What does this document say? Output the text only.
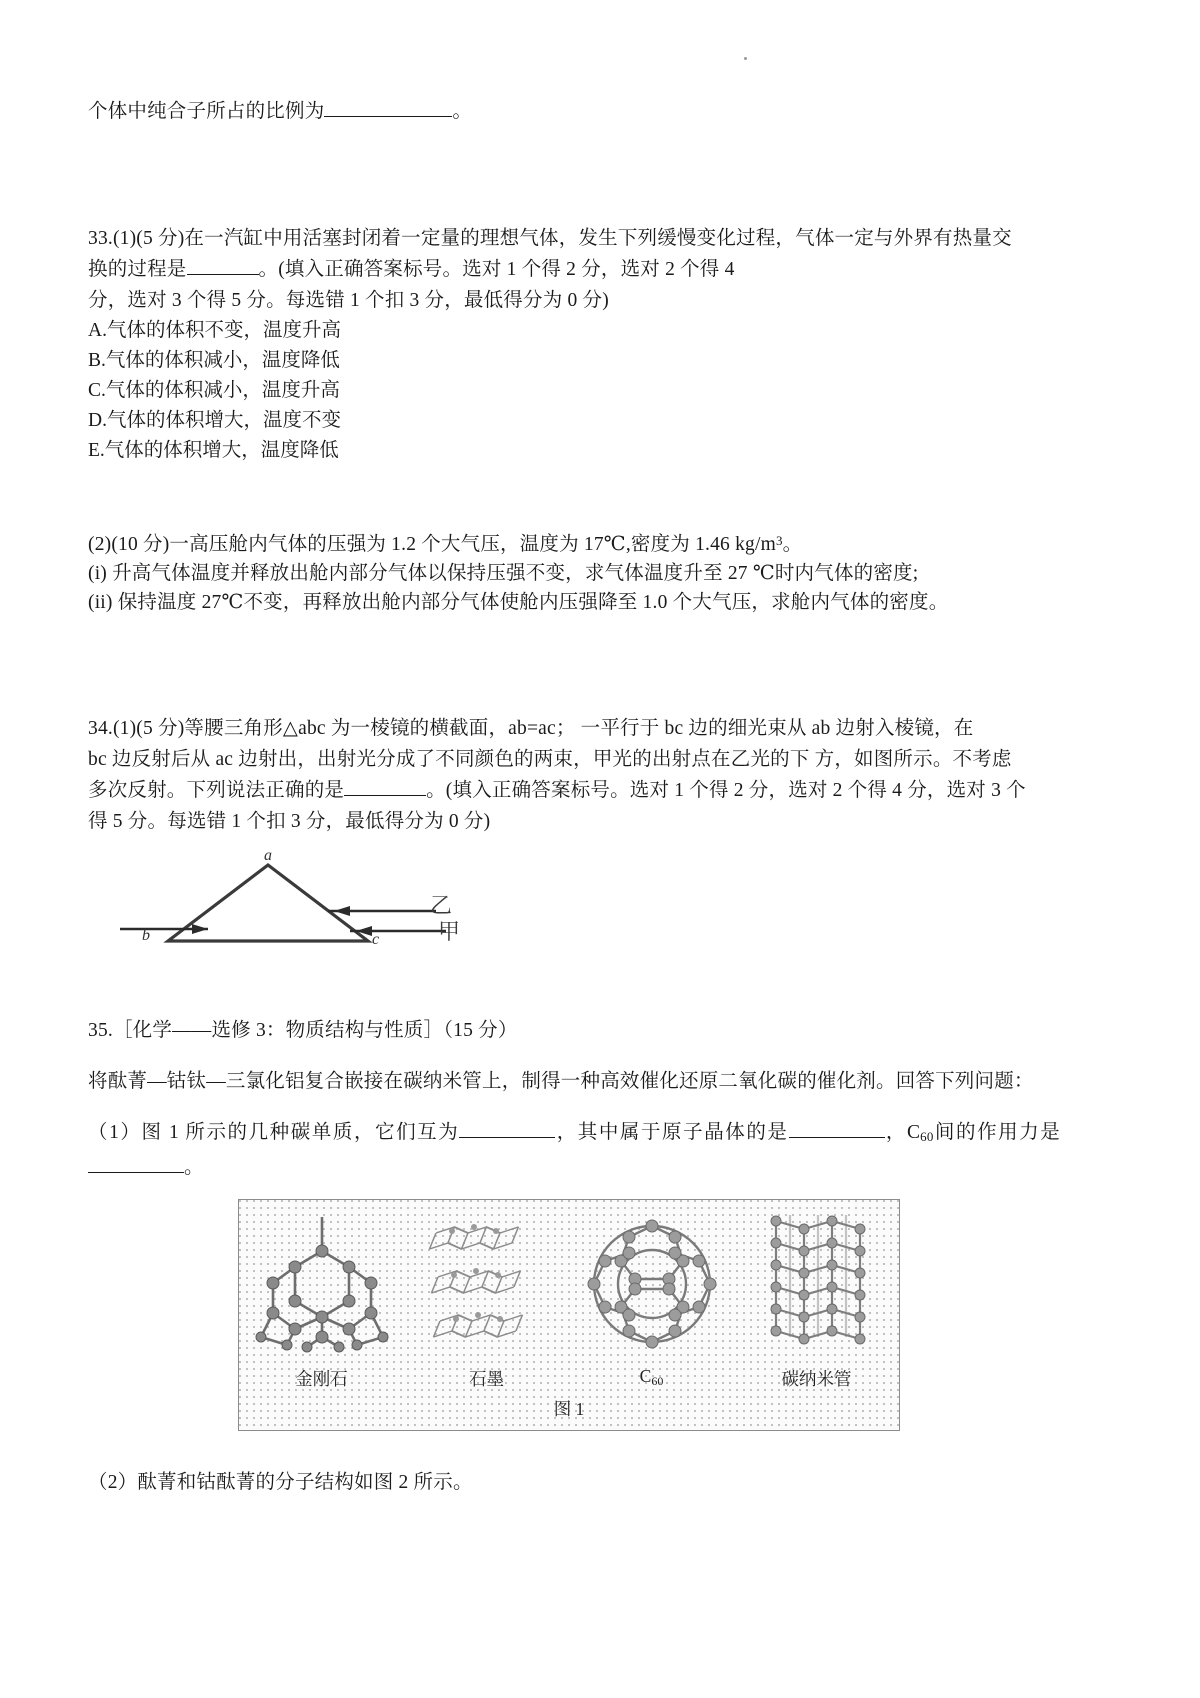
个体中纯合子所占的比例为	。

33.(1)(5 分)在一汽缸中用活塞封闭着一定量的理想气体，发生下列缓慢变化过程，气体一定与外界有热量交

换的过程是	。(填入正确答案标号。选对 1 个得 2 分，选对 2 个得 4

分，选对 3 个得 5 分。每选错 1 个扣 3 分，最低得分为 0 分)

A.气体的体积不变，温度升高

B.气体的体积减小，温度降低

C.气体的体积减小，温度升高

D.气体的体积增大，温度不变

E.气体的体积增大，温度降低

(2)(10 分)一高压舱内气体的压强为 1.2 个大气压，温度为 17℃,密度为 1.46 $kg/m^3$。

(i) 升高气体温度并释放出舱内部分气体以保持压强不变，求气体温度升至 27 ℃时内气体的密度;

(ii) 保持温度 27℃不变，再释放出舱内部分气体使舱内压强降至 1.0 个大气压，求舱内气体的密度。

34.(1)(5 分)等腰三角形△abc 为一棱镜的横截面，ab=ac； 一平行于 bc 边的细光束从 ab 边射入棱镜，在

bc 边反射后从 ac 边射出，出射光分成了不同颜色的两束，甲光的出射点在乙光的下 方，如图所示。不考虑

多次反射。下列说法正确的是	。(填入正确答案标号。选对 1 个得 2 分，选对 2 个得 4 分，选对 3 个

得 5 分。每选错 1 个扣 3 分，最低得分为 0 分)

a
b	c
乙
甲

35.［化学——选修 3：物质结构与性质］（15 分）

将酞菁—钴钛—三氯化铝复合嵌接在碳纳米管上，制得一种高效催化还原二氧化碳的催化剂。回答下列问题：

（1）图 1 所示的几种碳单质，它们互为	，其中属于原子晶体的是	，C60间的作用力是。

金刚石	石墨	C60	碳纳米管
图 1

（2）酞菁和钴酞菁的分子结构如图 2 所示。
